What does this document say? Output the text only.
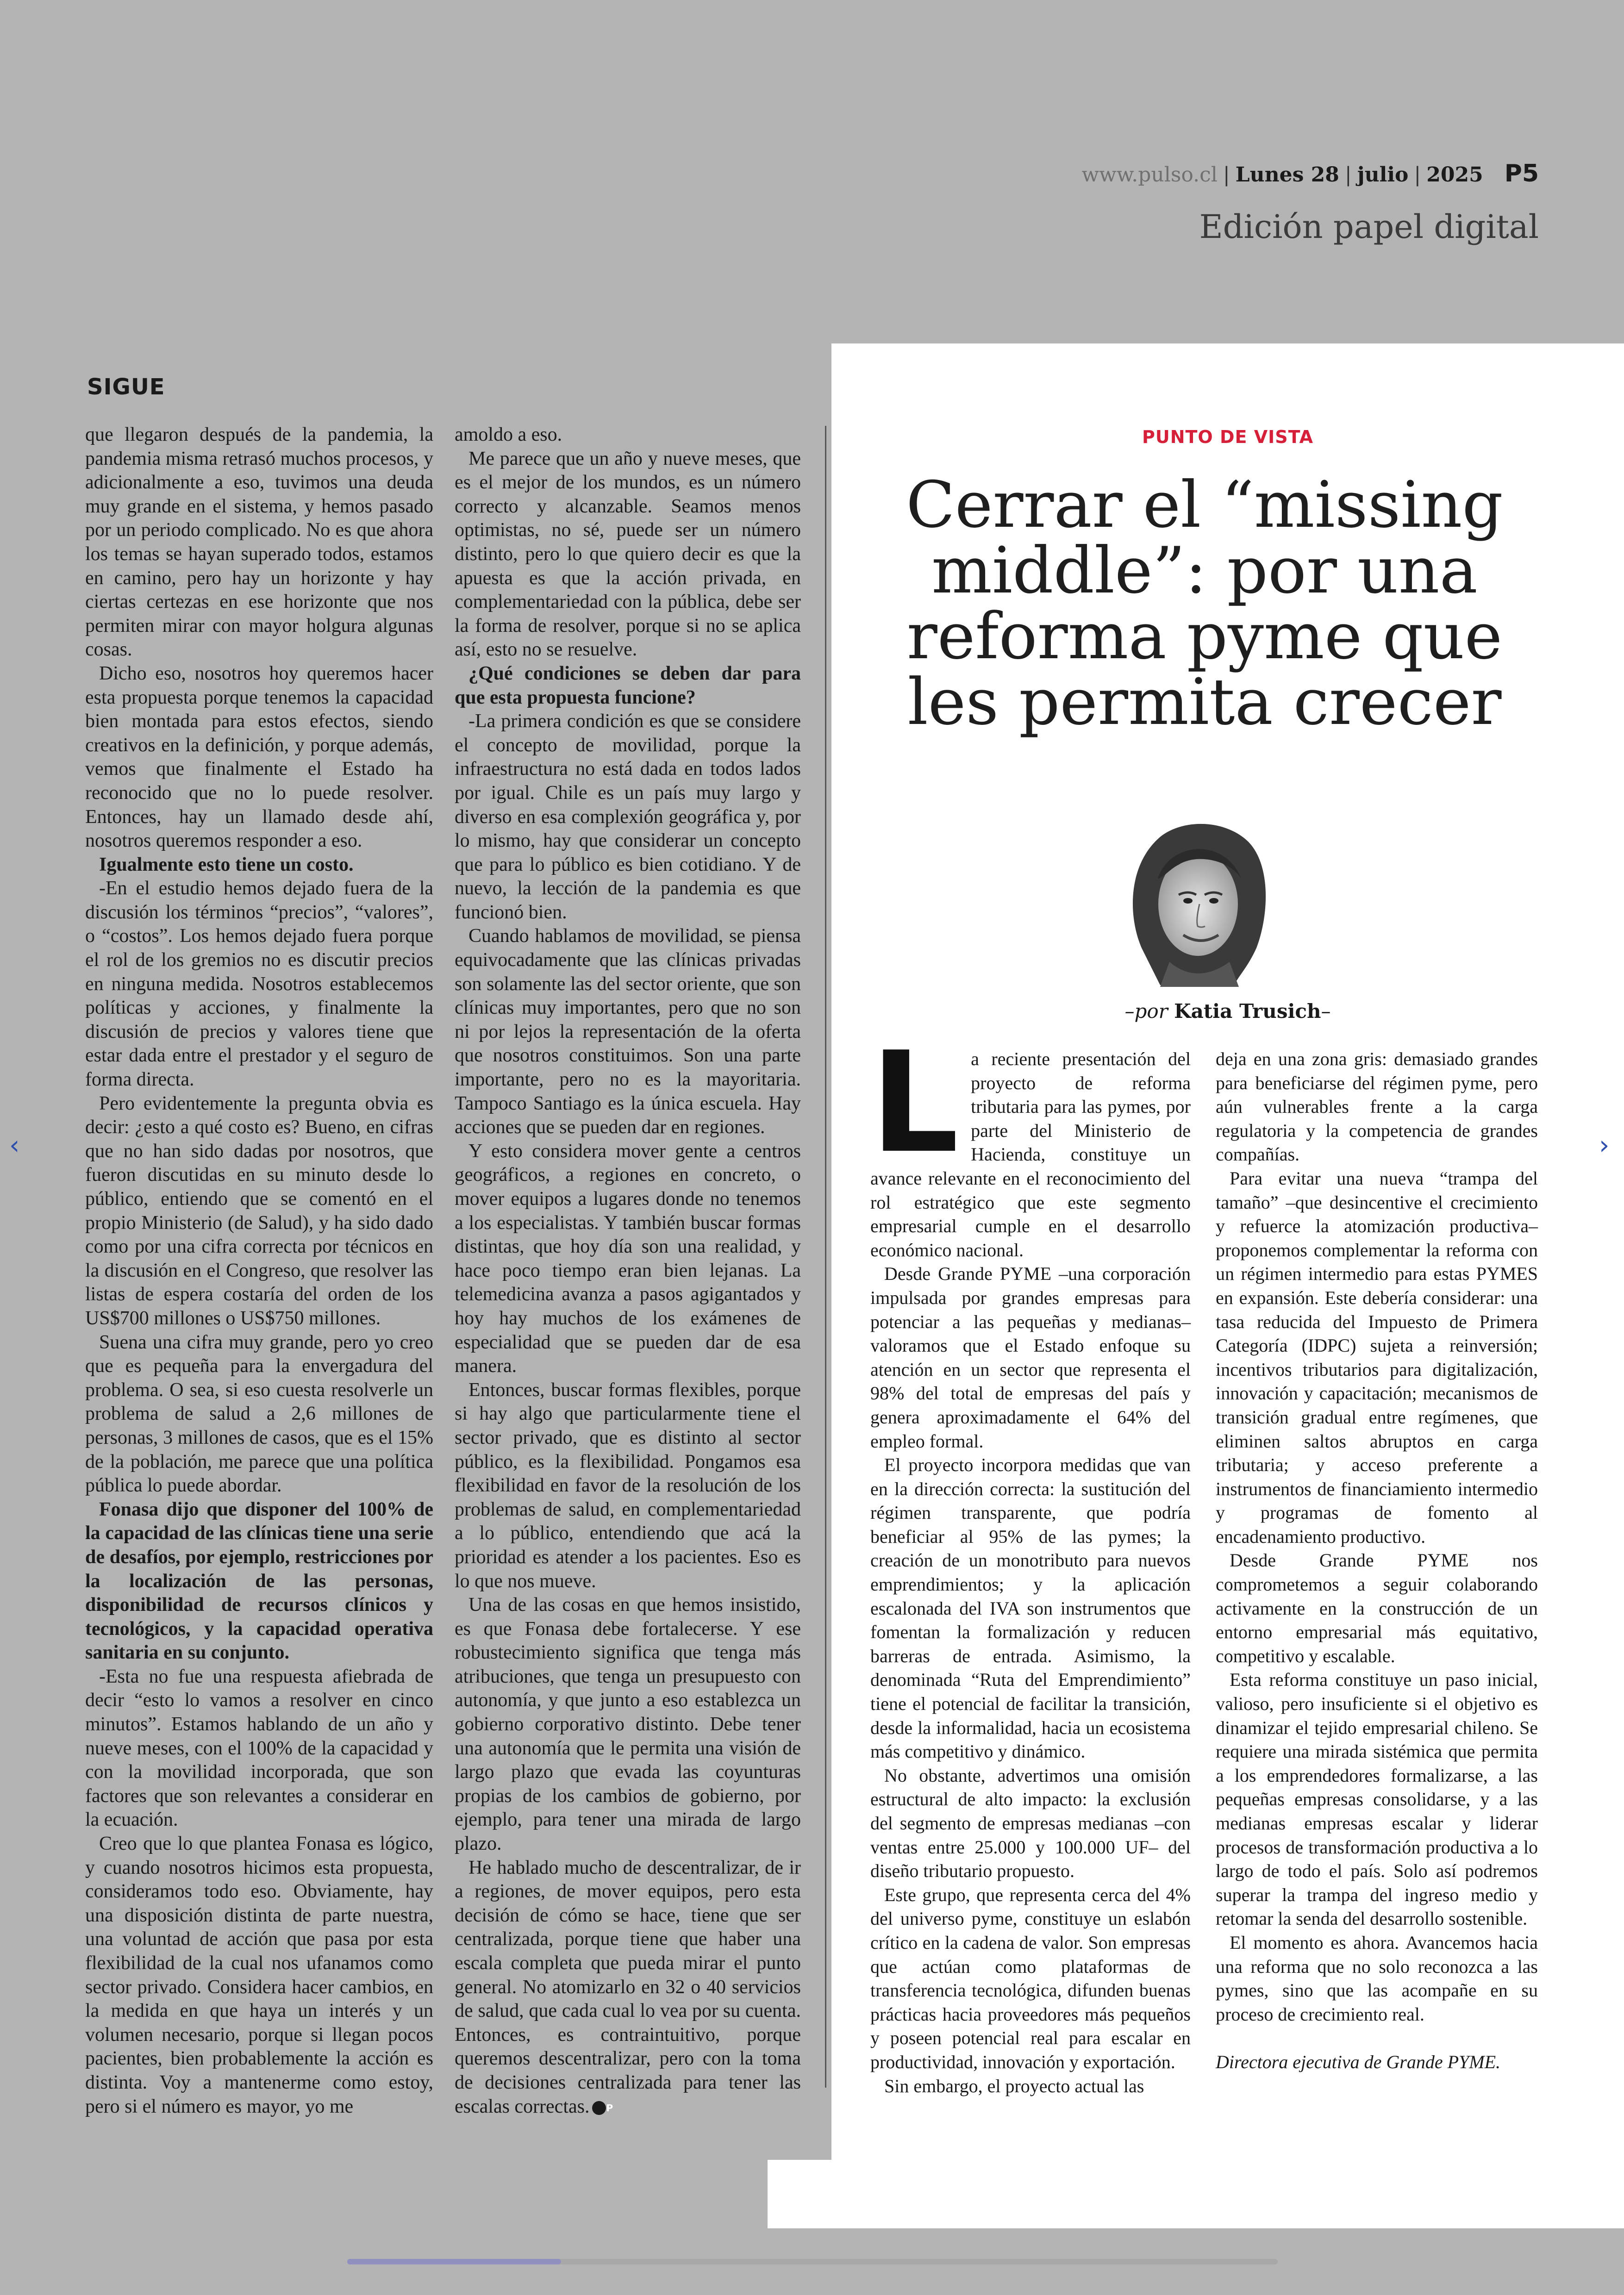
www.pulso.cl | Lunes 28 | julio | 2025 P5
Edición papel digital
SIGUE

que llegaron después de la pandemia, la pandemia misma retrasó muchos procesos, y adicionalmente a eso, tuvimos una deuda muy grande en el sistema, y hemos pasado por un periodo complicado. No es que ahora los temas se hayan superado todos, estamos en camino, pero hay un horizonte y hay ciertas certezas en ese horizonte que nos permiten mirar con mayor holgura algunas cosas.

Dicho eso, nosotros hoy queremos hacer esta propuesta porque tenemos la capacidad bien montada para estos efectos, siendo creativos en la definición, y porque además, vemos que finalmente el Estado ha reconocido que no lo puede resolver. Entonces, hay un llamado desde ahí, nosotros queremos responder a eso.

Igualmente esto tiene un costo.

-En el estudio hemos dejado fuera de la discusión los términos “precios”, “valores”, o “costos”. Los hemos dejado fuera porque el rol de los gremios no es discutir precios en ninguna medida. Nosotros establecemos políticas y acciones, y finalmente la discusión de precios y valores tiene que estar dada entre el prestador y el seguro de forma directa.

Pero evidentemente la pregunta obvia es decir: ¿esto a qué costo es? Bueno, en cifras que no han sido dadas por nosotros, que fueron discutidas en su minuto desde lo público, entiendo que se comentó en el propio Ministerio (de Salud), y ha sido dado como por una cifra correcta por técnicos en la discusión en el Congreso, que resolver las listas de espera costaría del orden de los US$700 millones o US$750 millones.

Suena una cifra muy grande, pero yo creo que es pequeña para la envergadura del problema. O sea, si eso cuesta resolverle un problema de salud a 2,6 millones de personas, 3 millones de casos, que es el 15% de la población, me parece que una política pública lo puede abordar.

Fonasa dijo que disponer del 100% de la capacidad de las clínicas tiene una serie de desafíos, por ejemplo, restricciones por la localización de las personas, disponibilidad de recursos clínicos y tecnológicos, y la capacidad operativa sanitaria en su conjunto.

-Esta no fue una respuesta afiebrada de decir “esto lo vamos a resolver en cinco minutos”. Estamos hablando de un año y nueve meses, con el 100% de la capacidad y con la movilidad incorporada, que son factores que son relevantes a considerar en la ecuación.

Creo que lo que plantea Fonasa es lógico, y cuando nosotros hicimos esta propuesta, consideramos todo eso. Obviamente, hay una disposición distinta de parte nuestra, una voluntad de acción que pasa por esta flexibilidad de la cual nos ufanamos como sector privado. Considera hacer cambios, en la medida en que haya un interés y un volumen necesario, porque si llegan pocos pacientes, bien probablemente la acción es distinta. Voy a mantenerme como estoy, pero si el número es mayor, yo me

amoldo a eso.

Me parece que un año y nueve meses, que es el mejor de los mundos, es un número correcto y alcanzable. Seamos menos optimistas, no sé, puede ser un número distinto, pero lo que quiero decir es que la apuesta es que la acción privada, en complementariedad con la pública, debe ser la forma de resolver, porque si no se aplica así, esto no se resuelve.

¿Qué condiciones se deben dar para que esta propuesta funcione?

-La primera condición es que se considere el concepto de movilidad, porque la infraestructura no está dada en todos lados por igual. Chile es un país muy largo y diverso en esa complexión geográfica y, por lo mismo, hay que considerar un concepto que para lo público es bien cotidiano. Y de nuevo, la lección de la pandemia es que funcionó bien.

Cuando hablamos de movilidad, se piensa equivocadamente que las clínicas privadas son solamente las del sector oriente, que son clínicas muy importantes, pero que no son ni por lejos la representación de la oferta que nosotros constituimos. Son una parte importante, pero no es la mayoritaria. Tampoco Santiago es la única escuela. Hay acciones que se pueden dar en regiones.

Y esto considera mover gente a centros geográficos, a regiones en concreto, o mover equipos a lugares donde no tenemos a los especialistas. Y también buscar formas distintas, que hoy día son una realidad, y hace poco tiempo eran bien lejanas. La telemedicina avanza a pasos agigantados y hoy hay muchos de los exámenes de especialidad que se pueden dar de esa manera.

Entonces, buscar formas flexibles, porque si hay algo que particularmente tiene el sector privado, que es distinto al sector público, es la flexibilidad. Pongamos esa flexibilidad en favor de la resolución de los problemas de salud, en complementariedad a lo público, entendiendo que acá la prioridad es atender a los pacientes. Eso es lo que nos mueve.

Una de las cosas en que hemos insistido, es que Fonasa debe fortalecerse. Y ese robustecimiento significa que tenga más atribuciones, que tenga un presupuesto con autonomía, y que junto a eso establezca un gobierno corporativo distinto. Debe tener una autonomía que le permita una visión de largo plazo que evada las coyunturas propias de los cambios de gobierno, por ejemplo, para tener una mirada de largo plazo.

He hablado mucho de descentralizar, de ir a regiones, de mover equipos, pero esta decisión de cómo se hace, tiene que ser centralizada, porque tiene que haber una escala completa que pueda mirar el punto general. No atomizarlo en 32 o 40 servicios de salud, que cada cual lo vea por su cuenta. Entonces, es contraintuitivo, porque queremos descentralizar, pero con la toma de decisiones centralizada para tener las escalas correctas. P

PUNTO DE VISTA
Cerrar el “missing middle”: por una reforma pyme que les permita crecer
–por Katia Trusich–

La reciente presentación del proyecto de reforma tributaria para las pymes, por parte del Ministerio de Hacienda, constituye un avance relevante en el reconocimiento del rol estratégico que este segmento empresarial cumple en el desarrollo económico nacional.

Desde Grande PYME –una corporación impulsada por grandes empresas para potenciar a las pequeñas y medianas– valoramos que el Estado enfoque su atención en un sector que representa el 98% del total de empresas del país y genera aproximadamente el 64% del empleo formal.

El proyecto incorpora medidas que van en la dirección correcta: la sustitución del régimen transparente, que podría beneficiar al 95% de las pymes; la creación de un monotributo para nuevos emprendimientos; y la aplicación escalonada del IVA son instrumentos que fomentan la formalización y reducen barreras de entrada. Asimismo, la denominada “Ruta del Emprendimiento” tiene el potencial de facilitar la transición, desde la informalidad, hacia un ecosistema más competitivo y dinámico.

No obstante, advertimos una omisión estructural de alto impacto: la exclusión del segmento de empresas medianas –con ventas entre 25.000 y 100.000 UF– del diseño tributario propuesto.

Este grupo, que representa cerca del 4% del universo pyme, constituye un eslabón crítico en la cadena de valor. Son empresas que actúan como plataformas de transferencia tecnológica, difunden buenas prácticas hacia proveedores más pequeños y poseen potencial real para escalar en productividad, innovación y exportación.

Sin embargo, el proyecto actual las

deja en una zona gris: demasiado grandes para beneficiarse del régimen pyme, pero aún vulnerables frente a la carga regulatoria y la competencia de grandes compañías.

Para evitar una nueva “trampa del tamaño” –que desincentive el crecimiento y refuerce la atomización productiva– proponemos complementar la reforma con un régimen intermedio para estas PYMES en expansión. Este debería considerar: una tasa reducida del Impuesto de Primera Categoría (IDPC) sujeta a reinversión; incentivos tributarios para digitalización, innovación y capacitación; mecanismos de transición gradual entre regímenes, que eliminen saltos abruptos en carga tributaria; y acceso preferente a instrumentos de financiamiento intermedio y programas de fomento al encadenamiento productivo.

Desde Grande PYME nos comprometemos a seguir colaborando activamente en la construcción de un entorno empresarial más equitativo, competitivo y escalable.

Esta reforma constituye un paso inicial, valioso, pero insuficiente si el objetivo es dinamizar el tejido empresarial chileno. Se requiere una mirada sistémica que permita a los emprendedores formalizarse, a las pequeñas empresas consolidarse, y a las medianas empresas escalar y liderar procesos de transformación productiva a lo largo de todo el país. Solo así podremos superar la trampa del ingreso medio y retomar la senda del desarrollo sostenible.

El momento es ahora. Avancemos hacia una reforma que no solo reconozca a las pymes, sino que las acompañe en su proceso de crecimiento real.

Directora ejecutiva de Grande PYME.

‹	›
